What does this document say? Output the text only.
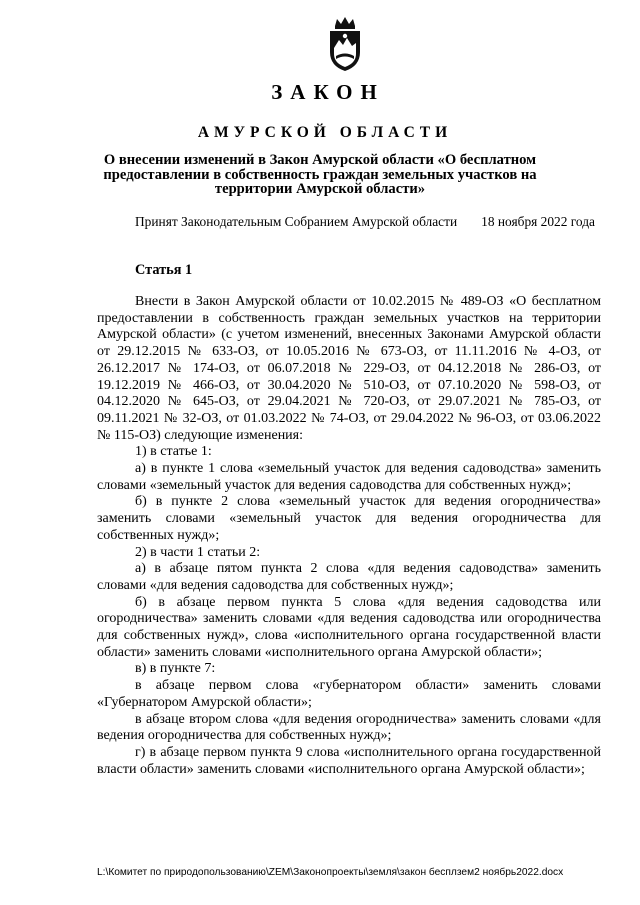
ЗАКОН
АМУРСКОЙ ОБЛАСТИ
О внесении изменений в Закон Амурской области «О бесплатном предоставлении в собственность граждан земельных участков на территории Амурской области»
Принят Законодательным Собранием Амурской области 18 ноября 2022 года
Статья 1

Внести в Закон Амурской области от 10.02.2015 № 489-ОЗ «О бесплатном предоставлении в собственность граждан земельных участков на территории Амурской области» (с учетом изменений, внесенных Законами Амурской области от 29.12.2015 № 633-ОЗ, от 10.05.2016 № 673-ОЗ, от 11.11.2016 № 4-ОЗ, от 26.12.2017 № 174-ОЗ, от 06.07.2018 № 229-ОЗ, от 04.12.2018 № 286-ОЗ, от 19.12.2019 № 466-ОЗ, от 30.04.2020 № 510-ОЗ, от 07.10.2020 № 598-ОЗ, от 04.12.2020 № 645-ОЗ, от 29.04.2021 № 720-ОЗ, от 29.07.2021 № 785-ОЗ, от 09.11.2021 № 32-ОЗ, от 01.03.2022 № 74-ОЗ, от 29.04.2022 № 96-ОЗ, от 03.06.2022 № 115-ОЗ) следующие изменения:

1) в статье 1:

а) в пункте 1 слова «земельный участок для ведения садоводства» заменить словами «земельный участок для ведения садоводства для собственных нужд»;

б) в пункте 2 слова «земельный участок для ведения огородничества» заменить словами «земельный участок для ведения огородничества для собственных нужд»;

2) в части 1 статьи 2:

а) в абзаце пятом пункта 2 слова «для ведения садоводства» заменить словами «для ведения садоводства для собственных нужд»;

б) в абзаце первом пункта 5 слова «для ведения садоводства или огородничества» заменить словами «для ведения садоводства или огородничества для собственных нужд», слова «исполнительного органа государственной власти области» заменить словами «исполнительного органа Амурской области»;

в) в пункте 7:

в абзаце первом слова «губернатором области» заменить словами «Губернатором Амурской области»;

в абзаце втором слова «для ведения огородничества» заменить словами «для ведения огородничества для собственных нужд»;

г) в абзаце первом пункта 9 слова «исполнительного органа государственной власти области» заменить словами «исполнительного органа Амурской области»;

L:\Комитет по природопользованию\ZEM\Законопроекты\земля\закон бесплзем2 ноябрь2022.docx
